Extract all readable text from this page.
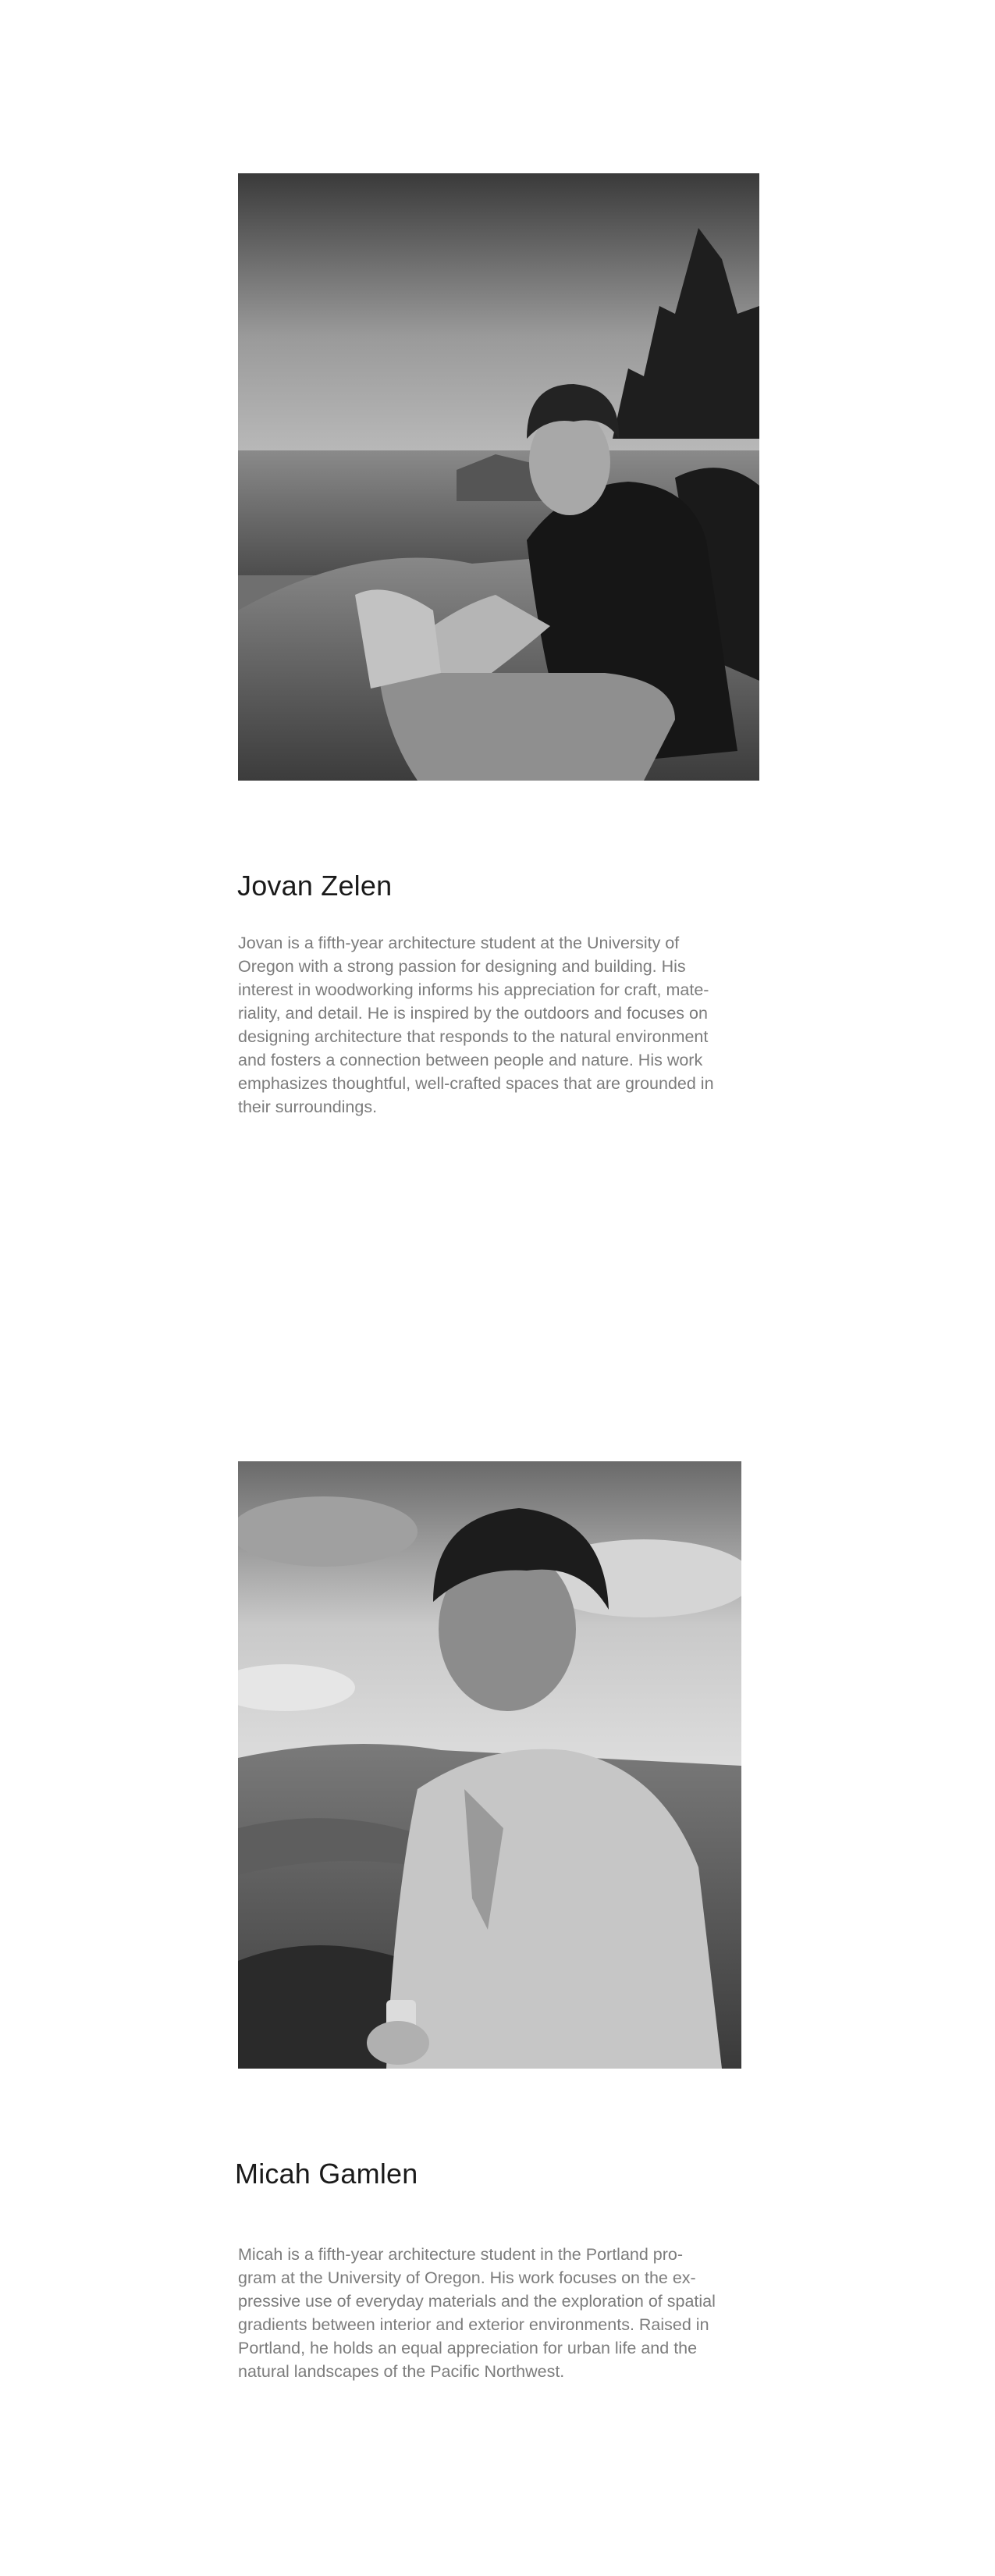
Jovan Zelen
Jovan is a fifth-year architecture student at the University of
Oregon with a strong passion for designing and building. His
interest in woodworking informs his appreciation for craft, mate-
riality, and detail. He is inspired by the outdoors and focuses on
designing architecture that responds to the natural environment
and fosters a connection between people and nature. His work
emphasizes thoughtful, well-crafted spaces that are grounded in
their surroundings.
Micah Gamlen
Micah is a fifth-year architecture student in the Portland pro-
gram at the University of Oregon. His work focuses on the ex-
pressive use of everyday materials and the exploration of spatial
gradients between interior and exterior environments. Raised in
Portland, he holds an equal appreciation for urban life and the
natural landscapes of the Pacific Northwest.
